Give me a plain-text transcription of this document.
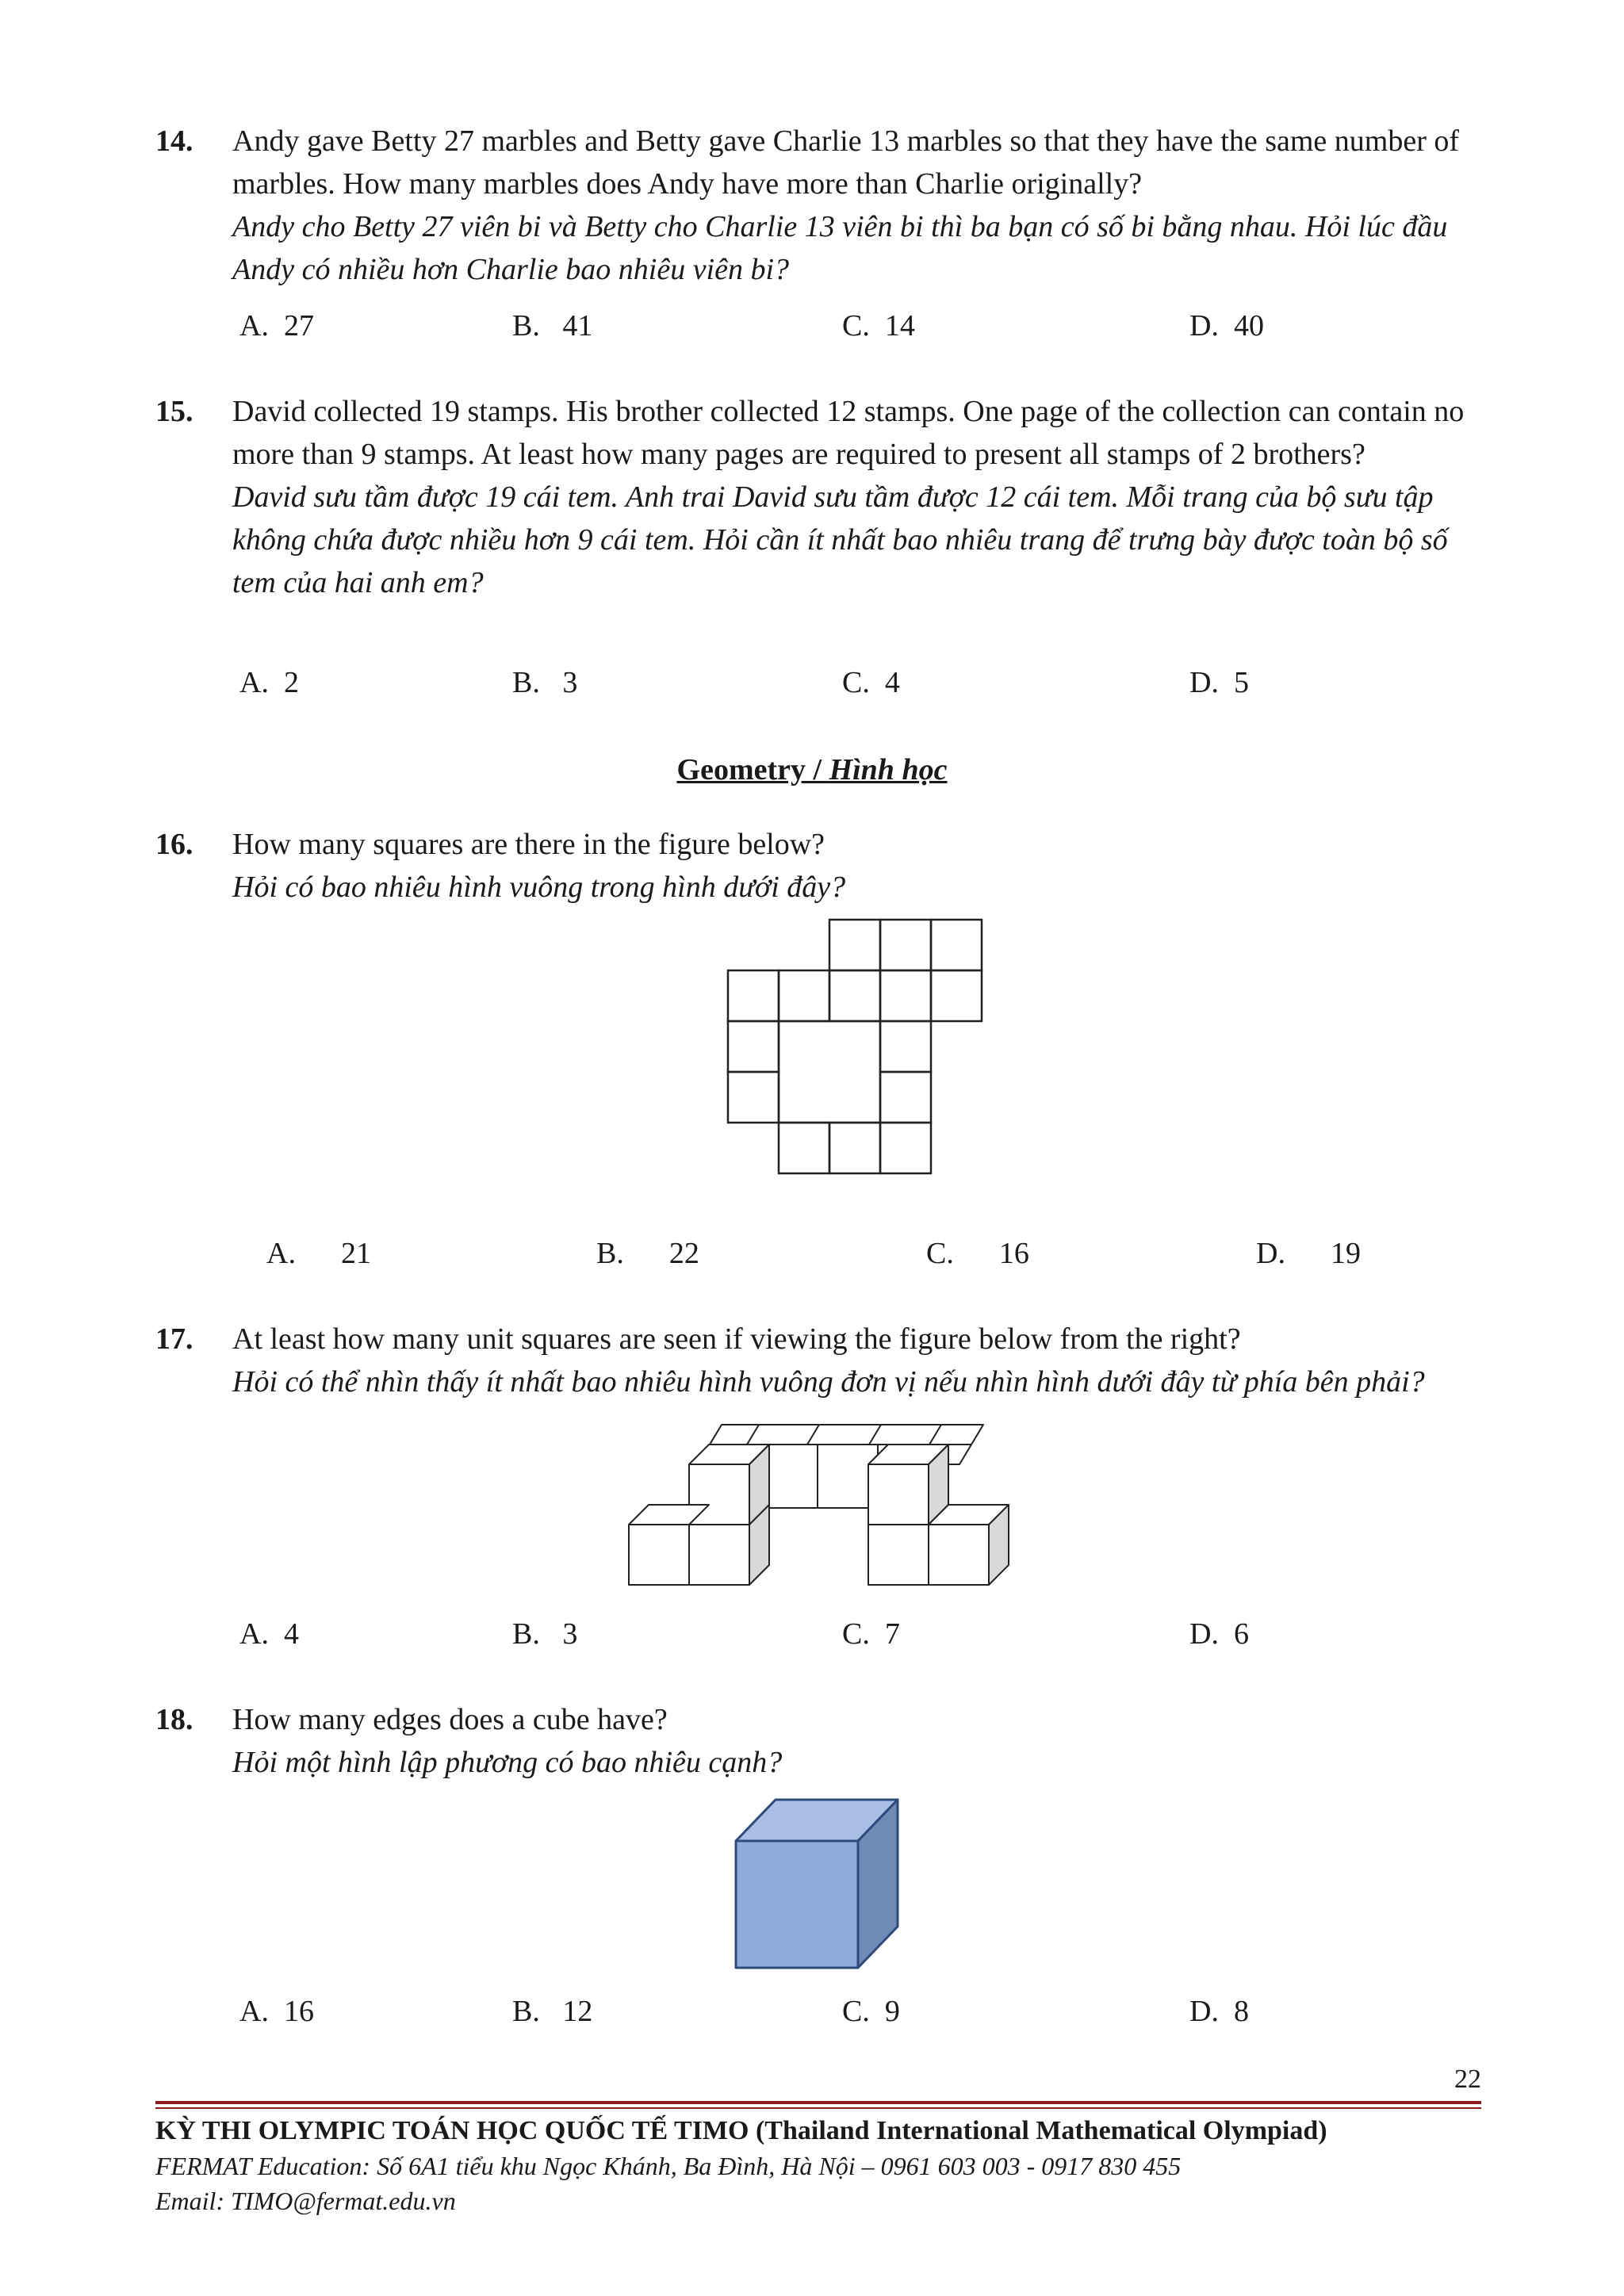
14. Andy gave Betty 27 marbles and Betty gave Charlie 13 marbles so that they have the same number of marbles. How many marbles does Andy have more than Charlie originally?
Andy cho Betty 27 viên bi và Betty cho Charlie 13 viên bi thì ba bạn có số bi bằng nhau. Hỏi lúc đầu Andy có nhiều hơn Charlie bao nhiêu viên bi?
A.  27	B.   41	C.  14	D.  40
15. David collected 19 stamps. His brother collected 12 stamps. One page of the collection can contain no more than 9 stamps. At least how many pages are required to present all stamps of 2 brothers?
David sưu tầm được 19 cái tem. Anh trai David sưu tầm được 12 cái tem. Mỗi trang của bộ sưu tập không chứa được nhiều hơn 9 cái tem. Hỏi cần ít nhất bao nhiêu trang để trưng bày được toàn bộ số tem của hai anh em?
A.  2	B.   3	C.  4	D.  5
Geometry / Hình học
16. How many squares are there in the figure below?
Hỏi có bao nhiêu hình vuông trong hình dưới đây?
A.      21	B.      22	C.      16	D.      19
17. At least how many unit squares are seen if viewing the figure below from the right?
Hỏi có thể nhìn thấy ít nhất bao nhiêu hình vuông đơn vị nếu nhìn hình dưới đây từ phía bên phải?
A.  4	B.   3	C.  7	D.  6
18. How many edges does a cube have?
Hỏi một hình lập phương có bao nhiêu cạnh?
A.  16	B.   12	C.  9	D.  8
22
KỲ THI OLYMPIC TOÁN HỌC QUỐC TẾ TIMO (Thailand International Mathematical Olympiad)
FERMAT Education: Số 6A1 tiểu khu Ngọc Khánh, Ba Đình, Hà Nội – 0961 603 003 - 0917 830 455
Email: TIMO@fermat.edu.vn
